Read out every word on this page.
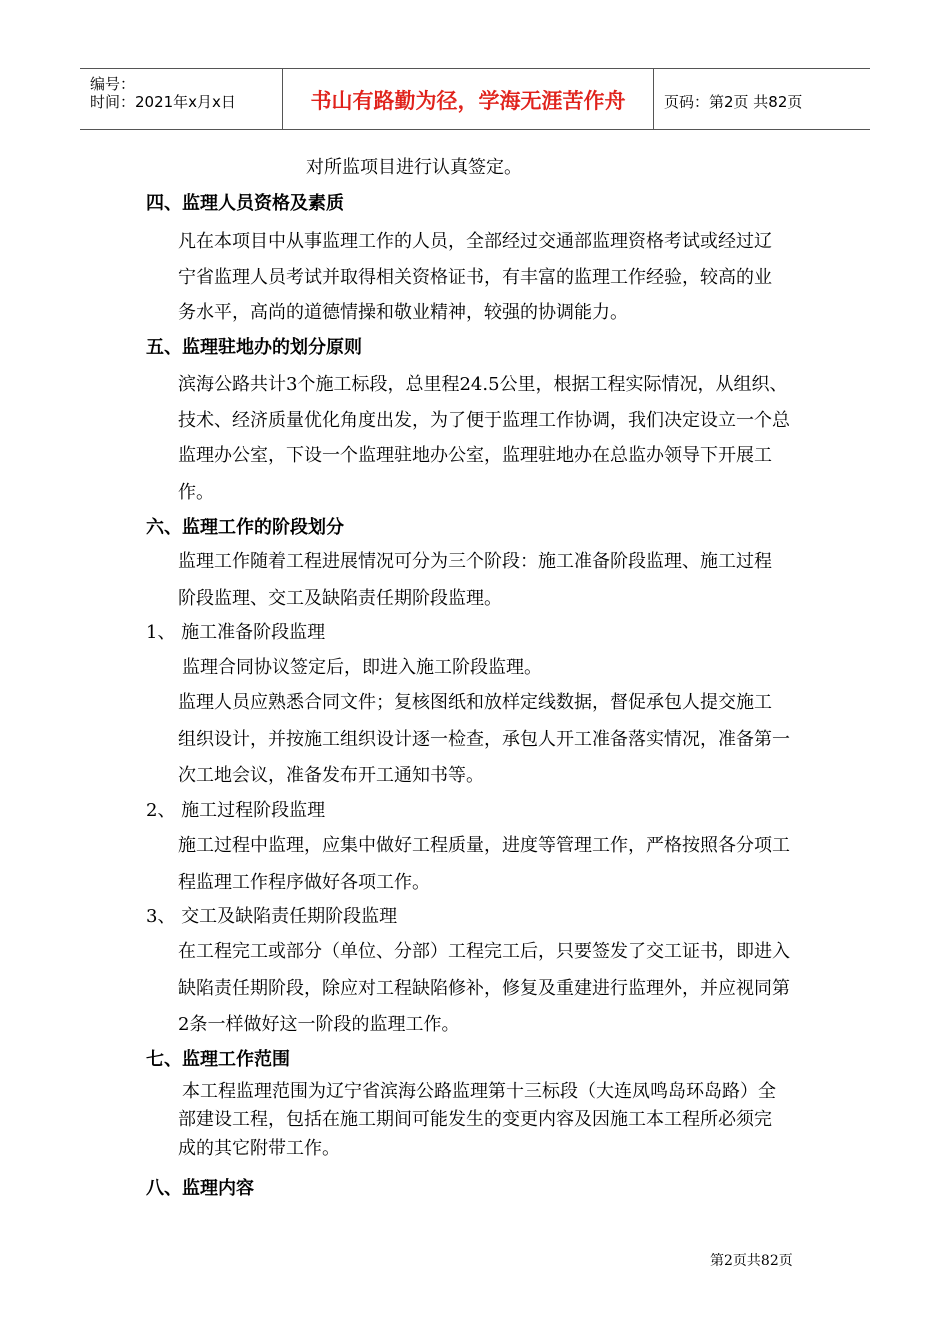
编号：
时间：2021年x月x日	书山有路勤为径，学海无涯苦作舟	页码：第2页 共82页
对所监项目进行认真签定。
四、监理人员资格及素质
凡在本项目中从事监理工作的人员，全部经过交通部监理资格考试或经过辽
宁省监理人员考试并取得相关资格证书，有丰富的监理工作经验，较高的业
务水平，高尚的道德情操和敬业精神，较强的协调能力。
五、监理驻地办的划分原则
滨海公路共计3个施工标段，总里程24.5公里，根据工程实际情况，从组织、
技术、经济质量优化角度出发，为了便于监理工作协调，我们决定设立一个总
监理办公室，下设一个监理驻地办公室，监理驻地办在总监办领导下开展工
作。
六、监理工作的阶段划分
监理工作随着工程进展情况可分为三个阶段：施工准备阶段监理、施工过程
阶段监理、交工及缺陷责任期阶段监理。
1、 施工准备阶段监理
监理合同协议签定后，即进入施工阶段监理。
监理人员应熟悉合同文件；复核图纸和放样定线数据，督促承包人提交施工
组织设计，并按施工组织设计逐一检查，承包人开工准备落实情况，准备第一
次工地会议，准备发布开工通知书等。
2、 施工过程阶段监理
施工过程中监理，应集中做好工程质量，进度等管理工作，严格按照各分项工
程监理工作程序做好各项工作。
3、 交工及缺陷责任期阶段监理
在工程完工或部分（单位、分部）工程完工后，只要签发了交工证书，即进入
缺陷责任期阶段，除应对工程缺陷修补，修复及重建进行监理外，并应视同第
2条一样做好这一阶段的监理工作。
七、监理工作范围
本工程监理范围为辽宁省滨海公路监理第十三标段（大连凤鸣岛环岛路）全
部建设工程，包括在施工期间可能发生的变更内容及因施工本工程所必须完
成的其它附带工作。
八、监理内容
第2页共82页
